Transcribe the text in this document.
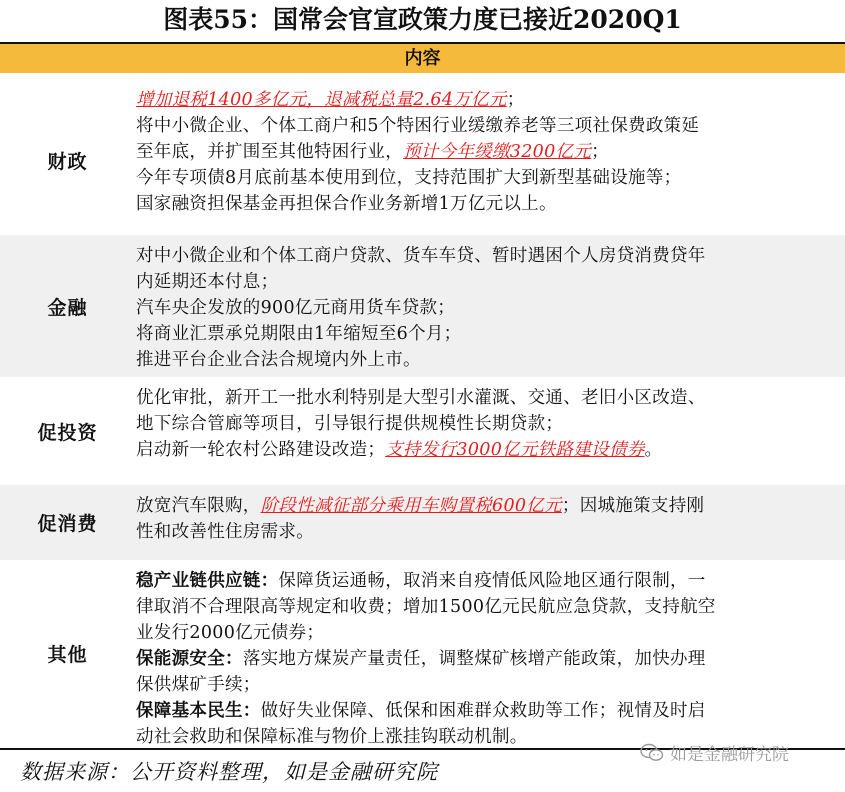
图表55：国常会官宣政策力度已接近2020Q1
内容
财政

增加退税1400多亿元，退减税总量2.64万亿元；

将中小微企业、个体工商户和5个特困行业缓缴养老等三项社保费政策延

至年底，并扩围至其他特困行业，预计今年缓缴3200亿元；

今年专项债8月底前基本使用到位，支持范围扩大到新型基础设施等；

国家融资担保基金再担保合作业务新增1万亿元以上。

金融

对中小微企业和个体工商户贷款、货车车贷、暂时遇困个人房贷消费贷年

内延期还本付息；

汽车央企发放的900亿元商用货车贷款；

将商业汇票承兑期限由1年缩短至6个月；

推进平台企业合法合规境内外上市。

促投资

优化审批，新开工一批水利特别是大型引水灌溉、交通、老旧小区改造、

地下综合管廊等项目，引导银行提供规模性长期贷款；

启动新一轮农村公路建设改造；支持发行3000亿元铁路建设债券。

促消费

放宽汽车限购，阶段性减征部分乘用车购置税600亿元；因城施策支持刚

性和改善性住房需求。

其他

稳产业链供应链：保障货运通畅，取消来自疫情低风险地区通行限制，一

律取消不合理限高等规定和收费；增加1500亿元民航应急贷款，支持航空

业发行2000亿元债券；

保能源安全：落实地方煤炭产量责任，调整煤矿核增产能政策，加快办理

保供煤矿手续；

保障基本民生：做好失业保障、低保和困难群众救助等工作；视情及时启

动社会救助和保障标准与物价上涨挂钩联动机制。

数据来源：公开资料整理，如是金融研究院
如是金融研究院
